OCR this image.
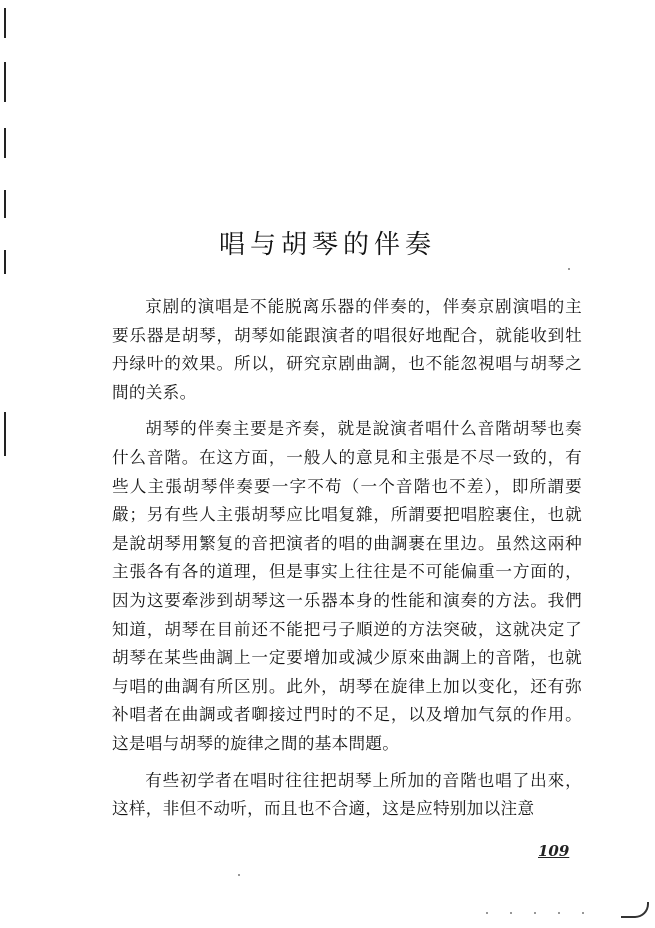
唱与胡琴的伴奏

京剧的演唱是不能脱离乐器的伴奏的，伴奏京剧演唱的主要乐器是胡琴，胡琴如能跟演者的唱很好地配合，就能收到牡丹绿叶的效果。所以，研究京剧曲調，也不能忽視唱与胡琴之間的关系。

胡琴的伴奏主要是齐奏，就是說演者唱什么音階胡琴也奏什么音階。在这方面，一般人的意見和主張是不尽一致的，有些人主張胡琴伴奏要一字不苟（一个音階也不差），即所謂要嚴；另有些人主張胡琴应比唱复雜，所謂要把唱腔裹住，也就是說胡琴用繁复的音把演者的唱的曲調裹在里边。虽然这兩种主張各有各的道理，但是事实上往往是不可能偏重一方面的，因为这要牽涉到胡琴这一乐器本身的性能和演奏的方法。我們知道，胡琴在目前还不能把弓子順逆的方法突破，这就决定了胡琴在某些曲調上一定要增加或減少原來曲調上的音階，也就与唱的曲調有所区別。此外，胡琴在旋律上加以变化，还有弥补唱者在曲調或者啣接过門时的不足，以及增加气氛的作用。这是唱与胡琴的旋律之間的基本問題。

有些初学者在唱时往往把胡琴上所加的音階也唱了出來，这样，非但不动听，而且也不合適，这是应特别加以注意

109
